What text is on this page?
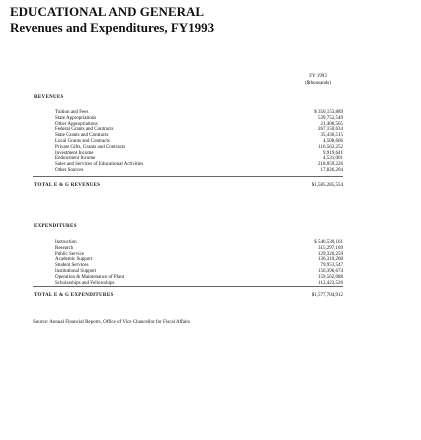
EDUCATIONAL AND GENERAL
Revenues and Expenditures, FY1993
FY 1993
($thousands)
REVENUES
Tuition and Fees	$ 350,153,889
State Appropriations	539,752,549
Other Appropriations	21,406,565
Federal Grants and Contracts	267,150,634
State Grants and Contracts	35,436,515
Local Grants and Contracts	4,508,666
Private Gifts, Grants and Contracts	116,562,252
Investment Income	9,919,641
Endowment Income	4,531,001
Sales and Services of Educational Activities	218,059,226
Other Sources	17,826,204
TOTAL E & G REVENUES	$1,585,285,554
EXPENDITURES
Instruction	$ 546,530,161
Research	315,297,169
Public Service	129,326,259
Academic Support	136,310,208
Student Services	79,953,547
Institutional Support	156,396,674
Operation & Maintenance of Plant	159,562,088
Scholarships and Fellowships	112,423,526
TOTAL E & G EXPENDITURES	$1,577,704,912
Source: Annual Financial Reports, Office of Vice Chancellor for Fiscal Affairs
